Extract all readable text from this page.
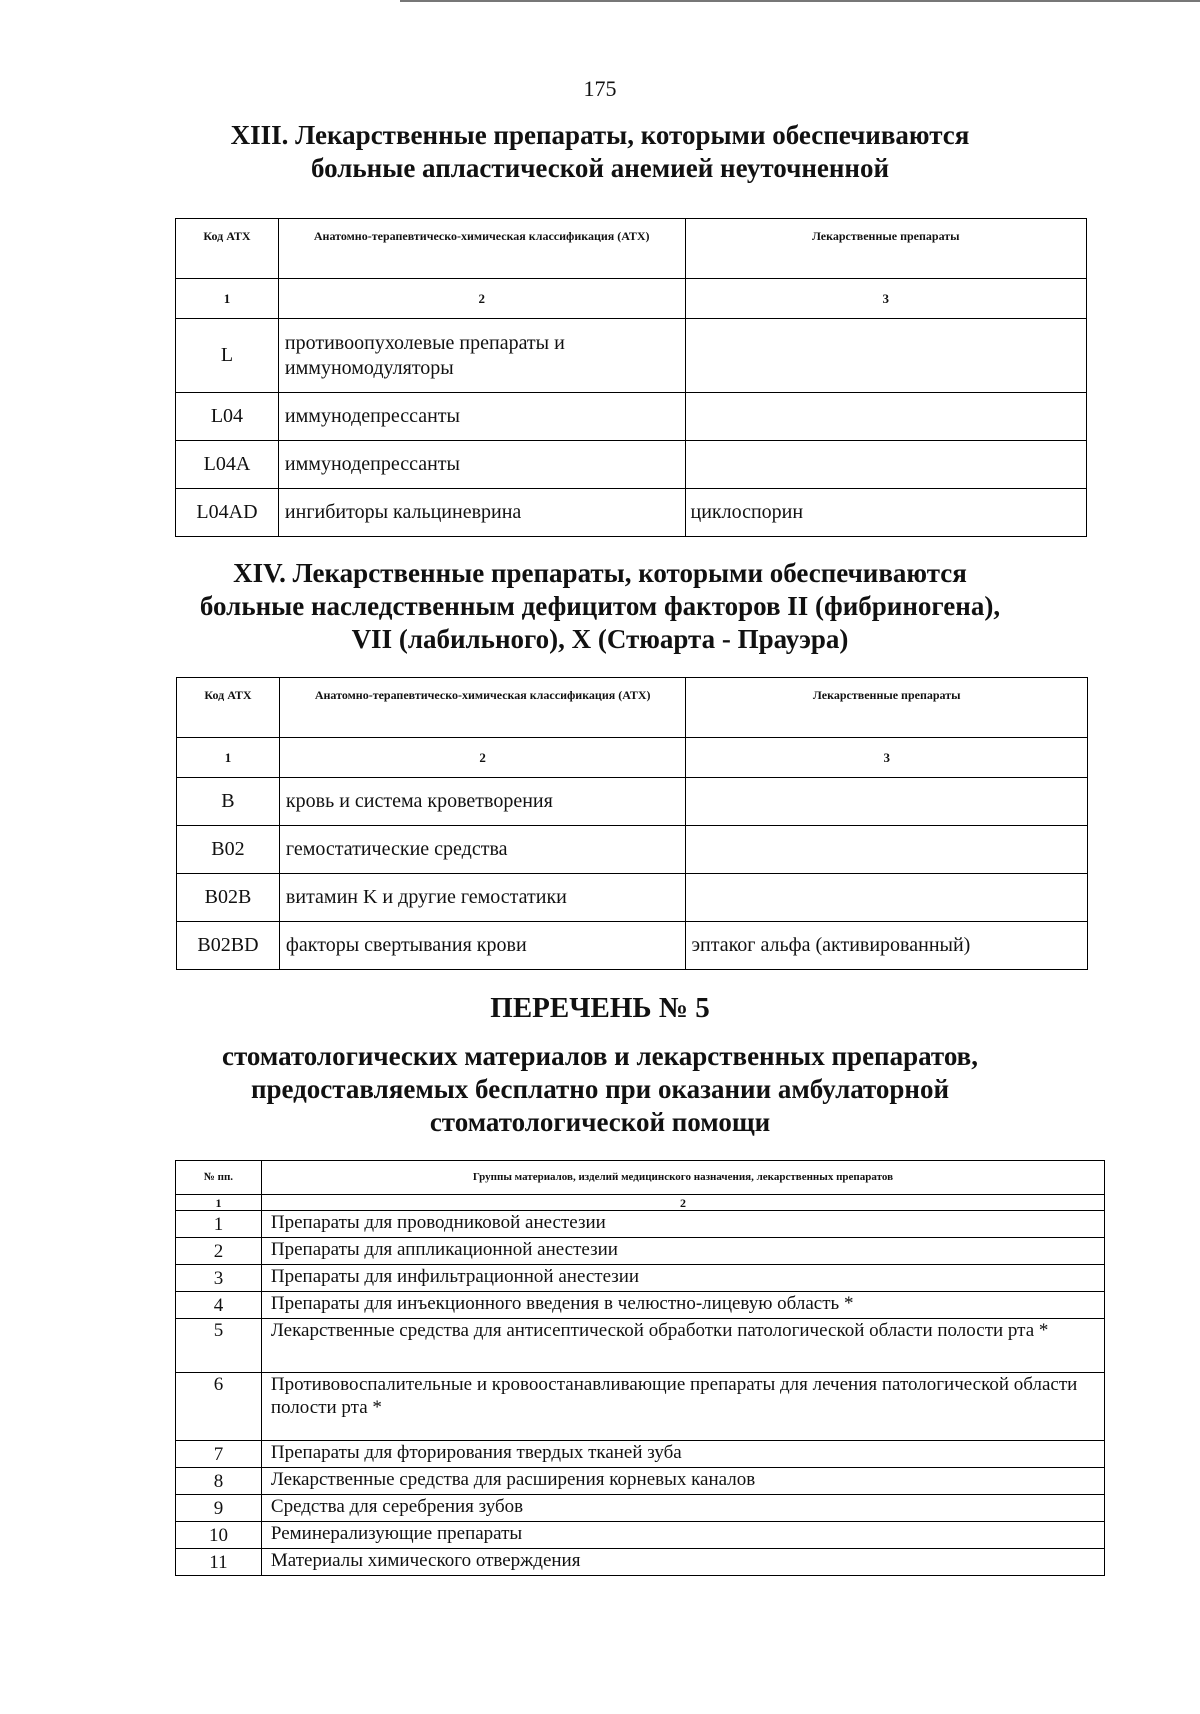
175
XIII. Лекарственные препараты, которыми обеспечиваются
больные апластической анемией неуточненной
Код АТХ	Анатомно-терапевтическо-химическая классификация (АТХ)	Лекарственные препараты
1	2	3
L	противоопухолевые препараты и иммуномодуляторы	
L04	иммунодепрессанты	
L04A	иммунодепрессанты	
L04AD	ингибиторы кальциневрина	циклоспорин
XIV. Лекарственные препараты, которыми обеспечиваются
больные наследственным дефицитом факторов II (фибриногена),
VII (лабильного), X (Стюарта - Прауэра)
Код АТХ	Анатомно-терапевтическо-химическая классификация (АТХ)	Лекарственные препараты
1	2	3
B	кровь и система кроветворения	
B02	гемостатические средства	
B02B	витамин K и другие гемостатики	
B02BD	факторы свертывания крови	эптаког альфа (активированный)
ПЕРЕЧЕНЬ № 5
стоматологических материалов и лекарственных препаратов,
предоставляемых бесплатно при оказании амбулаторной
стоматологической помощи
№ пп.	Группы материалов, изделий медицинского назначения, лекарственных препаратов
1	2
1	Препараты для проводниковой анестезии
2	Препараты для аппликационной анестезии
3	Препараты для инфильтрационной анестезии
4	Препараты для инъекционного введения в челюстно-лицевую область *
5	Лекарственные средства для антисептической обработки патологической области полости рта *
6	Противовоспалительные и кровоостанавливающие препараты для лечения патологической области полости рта *
7	Препараты для фторирования твердых тканей зуба
8	Лекарственные средства для расширения корневых каналов
9	Средства для серебрения зубов
10	Реминерализующие препараты
11	Материалы химического отверждения
